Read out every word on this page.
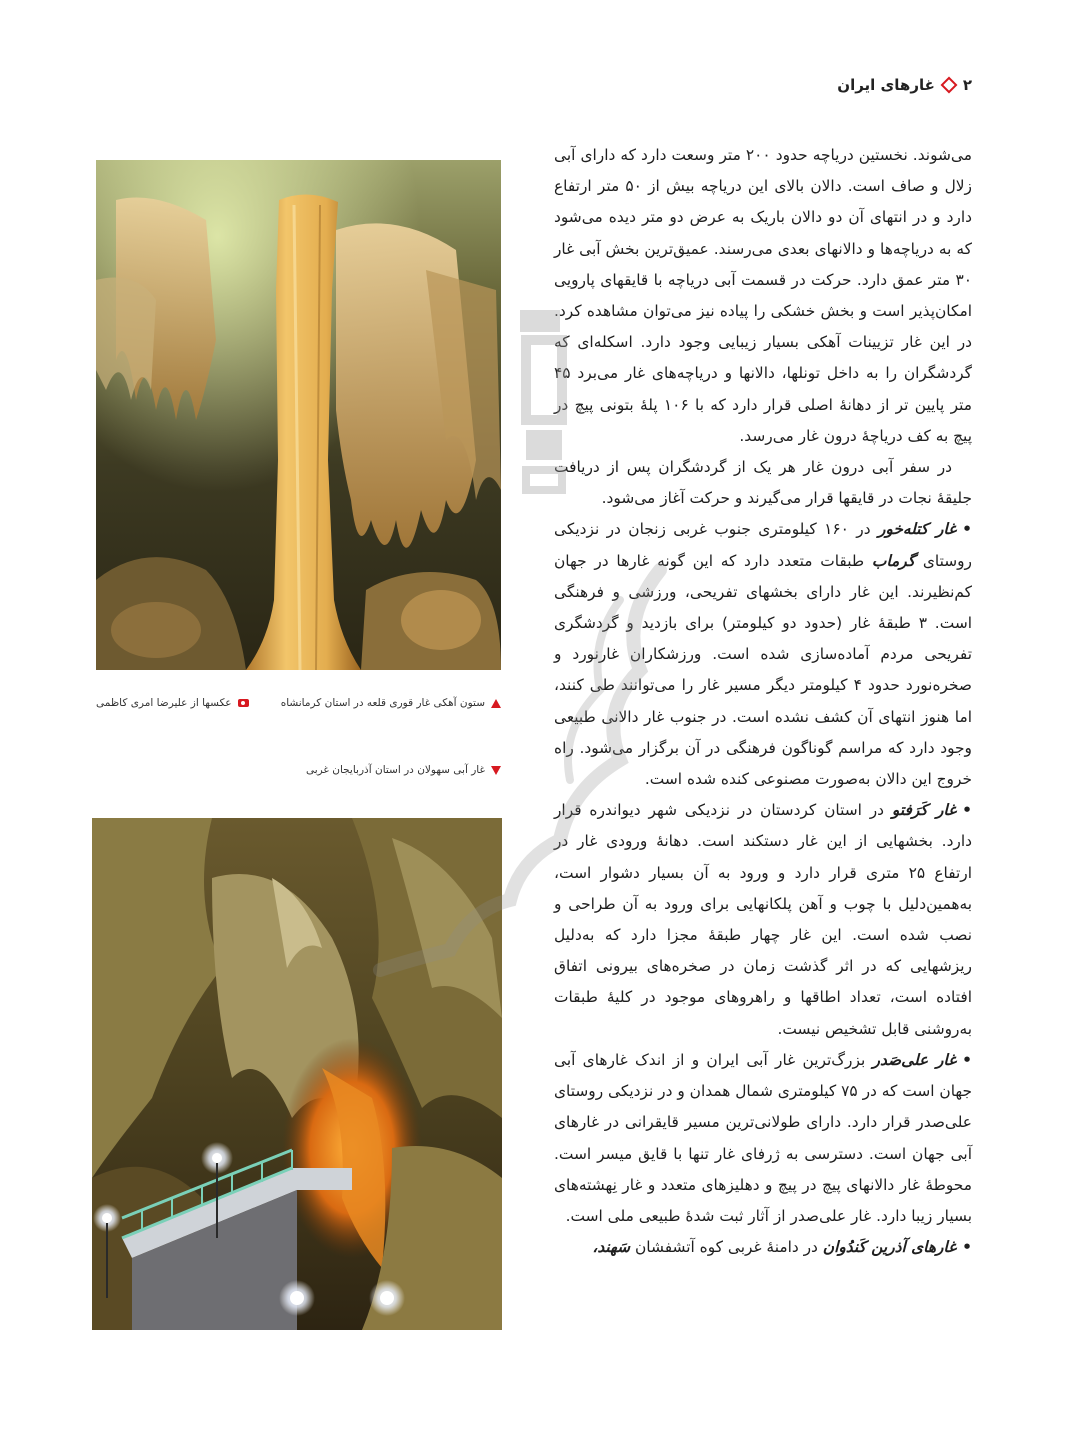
۲
غارهای ایران

می‌شوند. نخستین دریاچه حدود ۲۰۰ متر وسعت دارد که دارای آبی زلال و صاف است. دالان بالای این دریاچه بیش از ۵۰ متر ارتفاع دارد و در انتهای آن دو دالان باریک به عرض دو متر دیده می‌شود که به دریاچه‌ها و دالانهای بعدی می‌رسند. عمیق‌ترین بخش آبی غار ۳۰ متر عمق دارد. حرکت در قسمت آبی دریاچه با قایقهای پارویی امکان‌پذیر است و بخش خشکی را پیاده نیز می‌توان مشاهده کرد. در این غار تزیینات آهکی بسیار زیبایی وجود دارد. اسکله‌ای که گردشگران را به داخل تونلها، دالانها و دریاچه‌های غار می‌برد ۴۵ متر پایین تر از دهانهٔ اصلی قرار دارد که با ۱۰۶ پلهٔ بتونی پیچ در پیچ به کف دریاچهٔ درون غار می‌رسد.

در سفر آبی درون غار هر یک از گردشگران پس از دریافت جلیقهٔ نجات در قایقها قرار می‌گیرند و حرکت آغاز می‌شود.

•غار کتله‌خور در ۱۶۰ کیلومتری جنوب غربی زنجان در نزدیکی روستای گرماب طبقات متعدد دارد که این گونه غارها در جهان کم‌نظیرند. این غار دارای بخشهای تفریحی، ورزشی و فرهنگی است. ۳ طبقهٔ غار (حدود دو کیلومتر) برای بازدید و گردشگری تفریحی مردم آماده‌سازی شده است. ورزشکاران غارنورد و صخره‌نورد حدود ۴ کیلومتر دیگر مسیر غار را می‌توانند طی کنند، اما هنوز انتهای آن کشف نشده است. در جنوب غار دالانی طبیعی وجود دارد که مراسم گوناگون فرهنگی در آن برگزار می‌شود. راه خروج این دالان به‌صورت مصنوعی کنده شده است.

•غار کَرَفتو در استان کردستان در نزدیکی شهر دیواندره قرار دارد. بخشهایی از این غار دستکند است. دهانهٔ ورودی غار در ارتفاع ۲۵ متری قرار دارد و ورود به آن بسیار دشوار است، به‌همین‌دلیل با چوب و آهن پلکانهایی برای ورود به آن طراحی و نصب شده است. این غار چهار طبقهٔ مجزا دارد که به‌دلیل ریزشهایی که در اثر گذشت زمان در صخره‌های بیرونی اتفاق افتاده است، تعداد اطاقها و راهروهای موجود در کلیهٔ طبقات به‌روشنی قابل تشخیص نیست.

•غار علی‌صَدر بزرگ‌ترین غار آبی ایران و از اندک غارهای آبی جهان است که در ۷۵ کیلومتری شمال همدان و در نزدیکی روستای علی‌صدر قرار دارد. دارای طولانی‌ترین مسیر قایقرانی در غارهای آبی جهان است. دسترسی به ژرفای غار تنها با قایق میسر است. محوطهٔ غار دالانهای پیچ در پیچ و دهلیزهای متعدد و غار نِهشته‌های بسیار زیبا دارد. غار علی‌صدر از آثار ثبت شدهٔ طبیعی ملی است.

•غارهای آذرین کَندُوان در دامنهٔ غربی کوه آتشفشان سَهند،

ستون آهکی غار قوری قلعه در استان کرمانشاه
عکسها از علیرضا امری کاظمی
غار آبی سهولان در استان آذربایجان غربی
